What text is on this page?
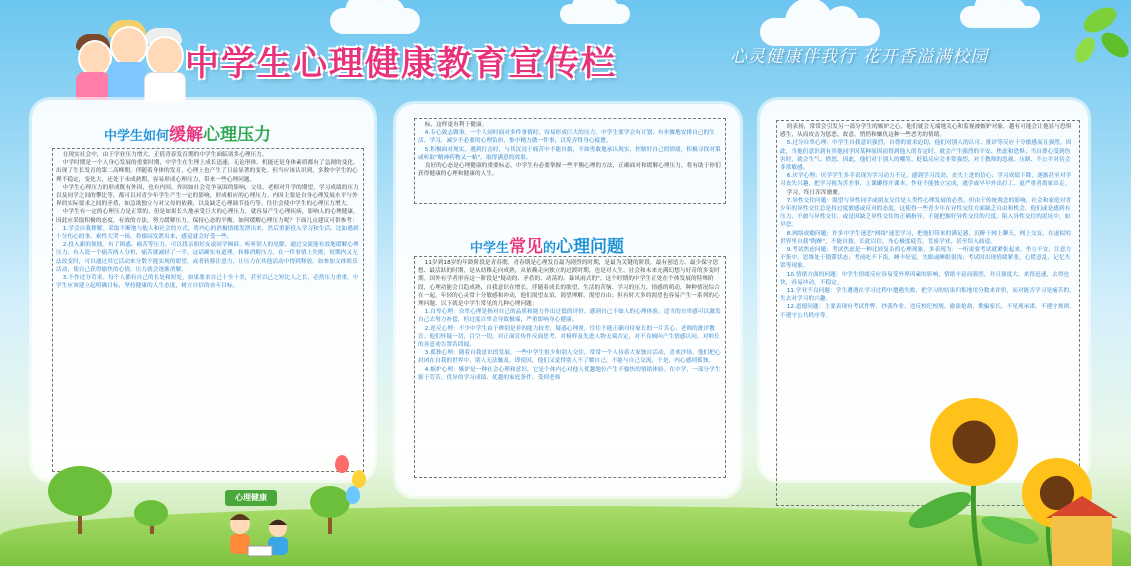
中学生心理健康教育宣传栏	心灵健康伴我行 花开香溢满校园
中学生如何缓解心理压力

在现实社会中，由于学业压力增大，正值青春发育期的中学生面临诸多心理压力。

中学时期是一个人身心发展的重要时期，中学生在生理上成长迅速，无论形体、机能还是身体素质都有了急剧的变化，出现了生长发育的第二高峰期。伴随着身体的发育，心理上也产生了日益显著的变化。但当应该认识到，多数中学生的心理不稳定，变化大，还处于未成熟期，容易形成心理压力，带来一些心理问题。

中学生心理压力的形成既有外因，也有内因。外因如社会竞争氛围的影响，父母、老师对升学的期望，学习成绩的压力以及同学之间的攀比等，都可以对青少年学生产生一定的影响，形成相应的心理压力。内因主要是自身心理发展水平与外界的实际要求之间的矛盾，如急欲独立与对父母的依赖，以及缺乏心理调节技巧等，往往会使中学生的心理压力增大。

中学生有一定的心理压力是正常的，但是如果长久地承受巨大的心理压力，就容易产生心理疾病，影响人的心理健康，因此应采取积极的态度，有效的方法，努力缓解压力，保持心态的平衡。如何缓解心理压力呢？下面几点建议可供参考：

1.学会自我排解。采取不断地与他人和社会的方式，将内心的消极情绪发泄出来，然后重新投入学习和生活。比如遇到十分伤心的事，索性大哭一场，将郁闷发泄出来，感觉就会好受一些。

2.投入新的领域。有了困惑、痛苦等压力，可以找亲朋好友或同学倾诉，听听别人的见解，通过交流能有效地缓解心理压力。有人说一个痛苦两人分担，痛苦就减轻了一半，这话确实有道理。转移消解压力。在一件事情上失败，短期内又无法改变时，可以通过其它活动来分散不能实现的愿望，或者转移注意力，让压力在其他活动中得到释放。如参加文体娱乐活动，使自己获得愉快的心情，压力就会逐渐消解。

3.不作过分苛求。每个人都有自己的长处和短处，如果要求自己十全十美，甚至以己之短比人之长，必然压力重重。中学生应该建立起明确目标，坚持健康的人生态度，树立自信的奋斗目标。

标，这样更有利于健康。

4.专心致志做事。一个人同时面对多件事情时，容易形成巨大的压力。中学生要学会有计划、有步骤地安排自己的生活、学习，减少不必要的心理负担，集中精力做一件事，以免弄得身心疲惫。

5.积极面对现实。遇到打击时，与其沉浸于痛苦中不能自拔，不如勇敢地承认现实，控制好自己的情绪，积极寻找对策或听取"精神药物又一帖"，取得满意的效果。

良好的心态是心理健康的重要标志，中学生有必要掌握一些平衡心理的方法，正确面对和缓解心理压力，将有助于你们获得健康的心理和健康的人生。

中学生常见的心理问题

11岁到18岁的年龄阶段是青春期，青春期是心理发育最为剧烈的时期，是最为关键的阶段，最有创造力、最少保守思想、最活跃的时期，是从幼稚走向成熟，从依赖走向独立的过渡时期，也是对人生、社会和未来充满幻想与好奇的多变时期。国外有学者形容这一阶段是"疑动的、矛盾的、动荡的、暴风雨式的"。这个时期的中学生正处在个体发展的特殊阶段，心理功能会日趋成熟，自我意识在增长，伴随着成长的欲望、生活的苦恼、学习的压力、情感的萌动，种种情况综合在一起，年轻的心灵常十分敏感和冲动，他们渴望友谊、渴望理解、渴望自由；但有时大多的渴望也容易产生一系列的心理问题。以下就是中学生常见的几种心理问题：

1.自卑心理：自卑心理是指对自己的品质和能力作出过低的评价，感到自己不如人的心理体验。适当的自卑感可以激发自己去努力补偿，但过度自卑会导致极端，严重影响身心健康。

2.逆反心理：不少中学生由于辨别是非的能力较差，疑惑心理重，往往不能正确对待家长的一片苦心、老师的批评教育。他们怀疑一切，目空一切，对正面宣传作反面思考，对榜样及先进人物无端否定，对不良倾向产生情感认同，对师长的善意劝告置若罔闻。

3.孤独心理：随着自我意识的发展，一些中学生很少和别人交往，常常一个人待着大家独自活动，喜欢沙场，他们把心封闭在自我的世界中，别人无法触及，即使因，他们又觉得别人不了解自己，不能与自己交流，于是，内心感到孤独。

4.嫉妒心理：嫉妒是一种社会心理和意识，它是个体内心对他人优越地位产生不愉快的情绪体验。在中学，一部分学生源于劳苦、优异的学习成绩、优越的家庭条件、受到老师

的表扬，常常会引发另一部分学生的嫉妒之心，他们就会无端地关心和监视被嫉妒对象，越有可能会让他显与恐惧感生，从而攻击为惩恶，故意，悄悄和嫌仇这种一些恶劣的情绪。

5.过分自卑心理：中学生自我意识强烈，自尊的需求迫切，他们对别人的认可、批评等反应十分敏感而且强烈。因此，当他们意识到有其他同学因某种原因而得到他人的肯定时，就会产生强烈的不安、焦虑和恐惧；当自尊心受到伤害时，就会生气、愤怒，因此，他们对于别人的嘲笑、贬低反应会非常强烈，对于教师的忽视、压制、不公平对待会非常敏感。

6.厌学心理：厌学学生多半表现为学习动力不足，感到学习没劲，丧失上进的信心；学习成绩下降，逐渐甚至对学习丧失兴趣，把学习视为苦差事，上课懒得开课本，作业不能独立完成，逃学或早早外出打工，更严重者离家出走。

学习，终日浑浑噩噩。

7.异性交往问题：渴望与异性同学或朋友交往是人类性心理发展的必然，但由于传统观念的影响，社会和家庭对青少年的异性交往总是持过度敏感或反对的态度，这使得一些青少年在异性交往方面缺乏自由和机会，他们或是感到有压力，不敢与异性交往，或是因缺乏异性交往的正确指导，不能把握好异性交往的尺度，陷入异性交往的泥坑中，如早恋。

8.网络成瘾问题：许多中学生迷恋"网络"迷恋学习，把他们带来的满足感，沉醉于网上聊天、网上交友、在虚拟的世界里自我"陶醉"，不能自拔，长此以往，身心极度疲劳，荒废学业，甚至误入歧途。

9.考试焦虑问题：考试焦虑是一种比较复杂的心理现象。多表现为：一听说要考试就紧张起来，坐立不安，注意力不集中，思维处于僵滞状态；考前吃不下饭，睡不好觉，失眠或睡眠很浅；考试时出现情绪紧张，心慌意乱，记忆失常等现象。

10.情绪方面的问题：中学生情绪反应容易受外界因素的影响，情绪丰富而强烈，并且强度大，来得迅速，去得也快，容易冲动，不稳定。

11.学业不良问题：学生遭遇在学习过程中遭遇失败，把学习的结果归集地用分数来评价，而对能否学习是痛苦的，失去对学习的兴趣。

12.道德问题：主要表现有考试作弊、抄袭作业、违反校纪校规、偷盗抢劫、欺骗家长、不见现承诺、不遵守规则、不遵守公共秩序等。

心理健康
